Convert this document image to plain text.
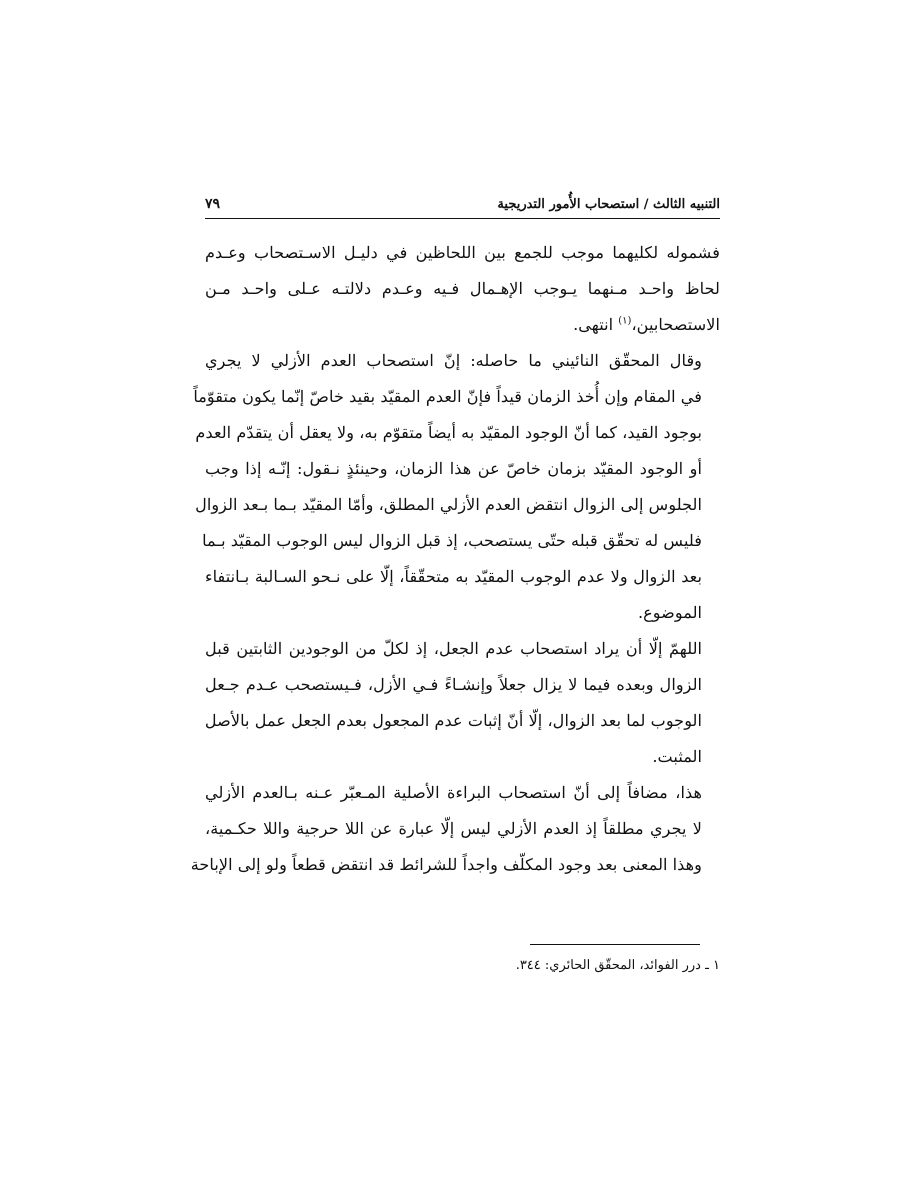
التنبيه الثالث / استصحاب الأُمور التدريجية
٧٩

فشموله لكليهما موجب للجمع بين اللحاظين في دليـل الاسـتصحاب وعـدم
لحاظ واحـد مـنهما يـوجب الإهـمال فـيه وعـدم دلالتـه عـلى واحـد مـن
الاستصحابين،$^{(١)}$ انتهى.

وقال المحقّق النائيني ما حاصله: إنّ استصحاب العدم الأزلي لا يجري
في المقام وإن أُخذ الزمان قيداً فإنّ العدم المقيّد بقيد خاصّ إنّما يكون متقوّماً
بوجود القيد، كما أنّ الوجود المقيّد به أيضاً متقوّم به، ولا يعقل أن يتقدّم العدم
أو الوجود المقيّد بزمان خاصّ عن هذا الزمان، وحينئذٍ نـقول: إنّـه إذا وجب
الجلوس إلى الزوال انتقض العدم الأزلي المطلق، وأمّا المقيّد بـما بـعد الزوال
فليس له تحقّق قبله حتّى يستصحب، إذ قبل الزوال ليس الوجوب المقيّد بـما
بعد الزوال ولا عدم الوجوب المقيّد به متحقّقاً، إلّا على نـحو السـالبة بـانتفاء
الموضوع.

اللهمّ إلّا أن يراد استصحاب عدم الجعل، إذ لكلّ من الوجودين الثابتين قبل
الزوال وبعده فيما لا يزال جعلاً وإنشـاءً فـي الأزل، فـيستصحب عـدم جـعل
الوجوب لما بعد الزوال، إلّا أنّ إثبات عدم المجعول بعدم الجعل عمل بالأصل
المثبت.

هذا، مضافاً إلى أنّ استصحاب البراءة الأصلية المـعبّر عـنه بـالعدم الأزلي
لا يجري مطلقاً إذ العدم الأزلي ليس إلّا عبارة عن اللا حرجية واللا حكـمية،
وهذا المعنى بعد وجود المكلّف واجداً للشرائط قد انتقض قطعاً ولو إلى الإباحة

١ ـ درر الفوائد، المحقّق الحائري: ٣٤٤.
